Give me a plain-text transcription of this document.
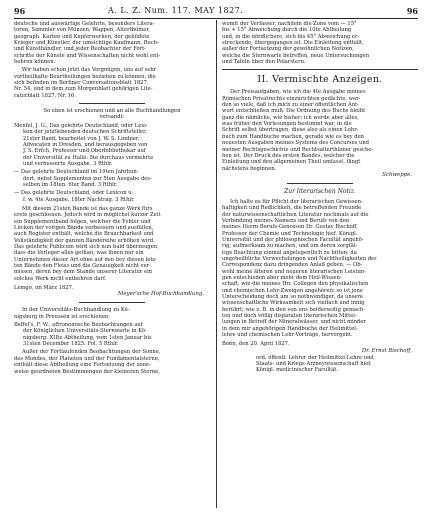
96	A. L. Z. Num. 117. MAY 1827.	96

deutsche und auswärtige Gelehrte, besonders Litera-

toren, Sammler von Münzen, Wappen, Alterthümer,

geograph. Karten und Kupferwerken, der gebildete

Krieger und Künstler, der umsichtige Kaufmann, Buch-

und Kunsthändler, und jeder Beobachter der Fort-

schritte der Künste und Wissenschaften nicht wohl ent-

behren können.

Wir haben schon jetzt das Vergnügen, uns auf sehr

vortheilhafte Beurtheilungen beziehen zu können, die

sich befinden im Berliner Conversationsblatt 1827.

Nr. 54. und in dem zum Morgenblatt gehörigen Lite-

raturblatt 1827. Nr. 16.

So eben ist erschienen und an alle Buchhandlungen

versandt:

Menfel, J. G., Das gelehrte Deutschland, oder Lexi-

kon der jetztlebenden deutschen Schriftsteller,

21ster Band, bearbeitet von J. W. S. Lindner,

Advocaten in Dresden, und herausgegeben von

J. S. Erfch, Professor und Oberbibliothekar auf

der Universität zu Halle. 5te durchaus vermehrte

und verbesserte Ausgabe. 3 Rthlr.

— Das gelehrte Deutschland im 19ten Jahrhun-

dert, nebst Supplementen zur 5ten Ausgabe des-

selben im 18ten. 6ter Band. 3 Rthlr.

— Das gelehrte Deutschland, oder Lexicon u.

f. w. 4te Ausgabe. 18ter Nachtrag. 3 Rthlr.

Mit diesem 21sten Bande ist das ganze Werk fürs

erste geschlossen. Jedoch wird in möglichst kurzer Zeit

ein Supplementband folgen, welcher die Fehler und

Lücken der vorigen Bände verbessern und ausfüllen,

auch Register enthält, welche die Brauchbarkeit und

Vollständigkeit der ganzen Bändereihe erhöhen wird.

Das gelehrte Publicum wird sich nun bald überzeugen,

dass die Verleger alles gethan, was ihnen nur ein

Unternehmen dieser Art ohne auf den bey diesen letz-

ten Bände den Fleiss und die Genauigkeit nicht ver-

missen, deren bey dem Stande unserer Literatur ein

solches Werk nicht entbehren darf.

Lemgo, im März 1827.

Meyer'sche Hof-Buchhandlung.

In der Universitäts-Buchhandlung zu Kö-

nigsberg in Preussen ist erschienen:

Beffel's, F. W., aftronomische Beobachtungen auf

der Königlichen Universitäts-Sternwarte in Kö-

nigsberg. XIIte Abtheilung, vom 1sten Januar bis

31sten December 1825. Fol. 5 Rthlr.

Außer der Fortlaufenden Beobachtungen der Sonne,

des Mondes, der Planeten und der Fundamentalsterne,

enthält diese Abtheilung eine Fortsetzung der zone-

weise geordneten Bestimmungen der kleineren Sterne,

womit der Verfasser, nachdem die Zone vom — 15°

bis + 15° Abweichung durch die 10te Abtheilung

und, in die nördlichere, sich bis 45° Abweichung er-

streckende, übergegangen ist. Die Einleitung enthält,

außer der Fortsetzung der gewöhnlichen Notizen,

welche die Sternwarte betreffen, neue Untersuchungen

und Tafeln über den Polarstern.

II. Vermischte Anzeigen.

Der Preisaufgaben, wie ich die 4te Ausgabe meines

Römischen Privatrechts einzurichten gedächte, wer-

den so viele, daß ich mich zu einer öffentlichen Ant-

wort entschließen muß. Die Ordnung des Buchs bleibt

ganz die nämliche, wie bisher; ich werde aber alles,

was früher den Vorlesungen bestimmt war, in die

Schrift selbst übertragen, diese also als einen Lehr-

buch zum Handbuche machen, gerade wie es bey den

neuesten Ausgaben meines Systems des Concurses und

meiner Rechtsgeschichte und Rechtsalterthümer gesche-

hen ist. Der Druck des ersten Bandes, welcher die

Einleitung und den allgemeinen Theil umfasst, fängt

nächstens beginnen.

Schweppe.

Zur literarischen Notiz.

Ich halte es für Pflicht der literarischen Gewissen-

haftigkeit und Redlichkeit, die betreffenden Freunde

der naturwissenschaftlichen Literatur nochmals auf die

Verbindung meines Namens und Berufs von den

meines Herrn Berufs-Genossen Dr. Gustav Bischoff,

Professor der Chemie und Technologie hief. Königl.

Universität und der philosophischen Facultät angehö-

rig, aufmerksam zu machen, und um deren sorgfäl-

tige Beachtung einmal angelegentlich zu bitten; da

ungeheilbliche Verwechslungen und Nachtheiligkeiten der

Correspondenz dazu dringenden Anlaß geben. — Ob-

wohl meine älteren und neueren literarischen Leistun-

gen entschieden aber mehr dem Heil-Wissen-

schaft, wie die meines Hn. Collegen den physikalischen

und chemischen Lehr-Zweigen angehören: so ist jene

Unterscheidung doch um so nothwendiger, da unsere

wissenschaftliche Wirksamkeit sich vielfach und innig

berührt; wie z. B. in den von uns beiderseitig gemach-

ten und doch völlig disparaten literarischen Mittei-

lungen in Betreff der Mineralwässer, und nicht minder

in dem mir angehörigen Handbuche der Heilmittel-

lehre und chemischen Lehr-Vorträge, hervorgeht.

Bonn, den 20. April 1827.

Dr. Ernst Bischoff,

ord. öffentl. Lehrer der Heilmittel-Lehre und

Staats- und Kriegs-Arzneywissenschaft hief.

Königl. medicinischer Facultät.
